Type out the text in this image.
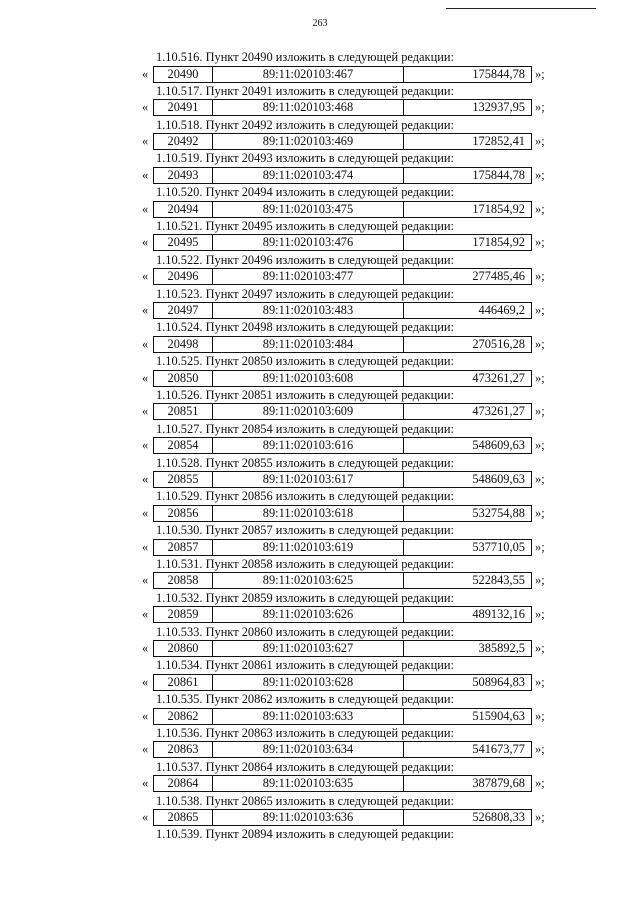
263
1.10.516. Пункт 20490 изложить в следующей редакции:
«	20490	89:11:020103:467	175844,78 »;
1.10.517. Пункт 20491 изложить в следующей редакции:
«	20491	89:11:020103:468	132937,95 »;
1.10.518. Пункт 20492 изложить в следующей редакции:
«	20492	89:11:020103:469	172852,41 »;
1.10.519. Пункт 20493 изложить в следующей редакции:
«	20493	89:11:020103:474	175844,78 »;
1.10.520. Пункт 20494 изложить в следующей редакции:
«	20494	89:11:020103:475	171854,92 »;
1.10.521. Пункт 20495 изложить в следующей редакции:
«	20495	89:11:020103:476	171854,92 »;
1.10.522. Пункт 20496 изложить в следующей редакции:
«	20496	89:11:020103:477	277485,46 »;
1.10.523. Пункт 20497 изложить в следующей редакции:
«	20497	89:11:020103:483	446469,2 »;
1.10.524. Пункт 20498 изложить в следующей редакции:
«	20498	89:11:020103:484	270516,28 »;
1.10.525. Пункт 20850 изложить в следующей редакции:
«	20850	89:11:020103:608	473261,27 »;
1.10.526. Пункт 20851 изложить в следующей редакции:
«	20851	89:11:020103:609	473261,27 »;
1.10.527. Пункт 20854 изложить в следующей редакции:
«	20854	89:11:020103:616	548609,63 »;
1.10.528. Пункт 20855 изложить в следующей редакции:
«	20855	89:11:020103:617	548609,63 »;
1.10.529. Пункт 20856 изложить в следующей редакции:
«	20856	89:11:020103:618	532754,88 »;
1.10.530. Пункт 20857 изложить в следующей редакции:
«	20857	89:11:020103:619	537710,05 »;
1.10.531. Пункт 20858 изложить в следующей редакции:
«	20858	89:11:020103:625	522843,55 »;
1.10.532. Пункт 20859 изложить в следующей редакции:
«	20859	89:11:020103:626	489132,16 »;
1.10.533. Пункт 20860 изложить в следующей редакции:
«	20860	89:11:020103:627	385892,5 »;
1.10.534. Пункт 20861 изложить в следующей редакции:
«	20861	89:11:020103:628	508964,83 »;
1.10.535. Пункт 20862 изложить в следующей редакции:
«	20862	89:11:020103:633	515904,63 »;
1.10.536. Пункт 20863 изложить в следующей редакции:
«	20863	89:11:020103:634	541673,77 »;
1.10.537. Пункт 20864 изложить в следующей редакции:
«	20864	89:11:020103:635	387879,68 »;
1.10.538. Пункт 20865 изложить в следующей редакции:
«	20865	89:11:020103:636	526808,33 »;
1.10.539. Пункт 20894 изложить в следующей редакции:
